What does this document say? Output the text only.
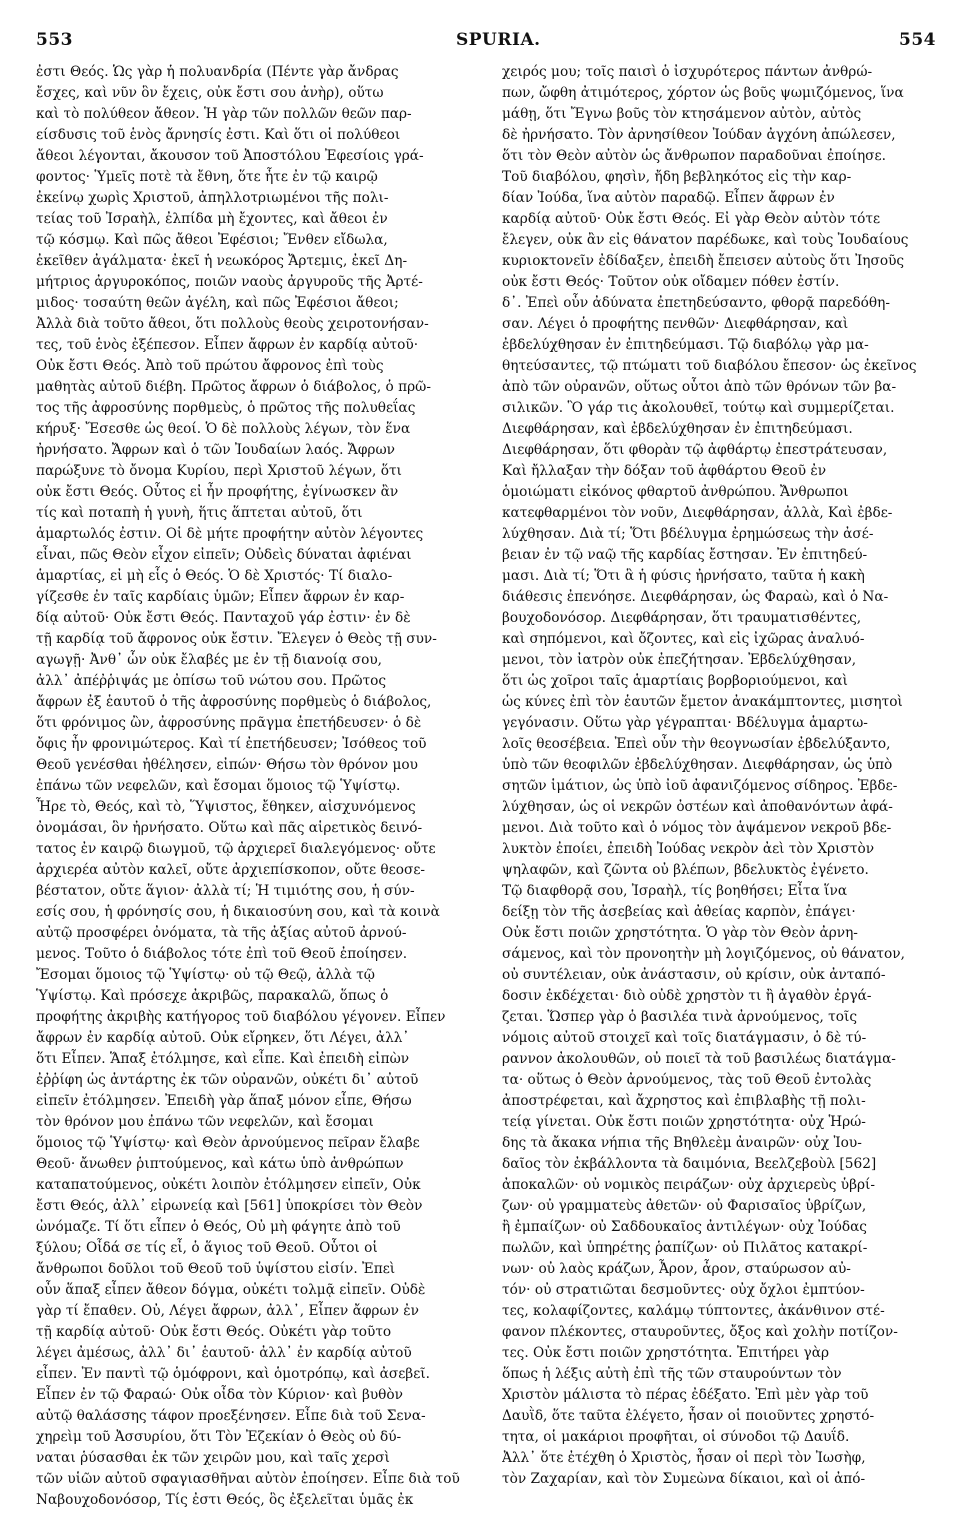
553	SPURIA.	554
ἐστι Θεός. Ὡς γὰρ ἡ πολυανδρία (Πέντε γὰρ ἄνδρας
ἔσχες, καὶ νῦν ὃν ἔχεις, οὐκ ἔστι σου ἀνὴρ), οὕτω
καὶ τὸ πολύθεον ἄθεον. Ἡ γὰρ τῶν πολλῶν θεῶν παρ-
είσδυσις τοῦ ἑνὸς ἄρνησίς ἐστι. Καὶ ὅτι οἱ πολύθεοι
ἄθεοι λέγονται, ἄκουσον τοῦ Ἀποστόλου Ἐφεσίοις γρά-
φοντος· Ὑμεῖς ποτὲ τὰ ἔθνη, ὅτε ἦτε ἐν τῷ καιρῷ
ἐκείνῳ χωρὶς Χριστοῦ, ἀπηλλοτριωμένοι τῆς πολι-
τείας τοῦ Ἰσραὴλ, ἐλπίδα μὴ ἔχοντες, καὶ ἄθεοι ἐν
τῷ κόσμῳ. Καὶ πῶς ἄθεοι Ἐφέσιοι; Ἔνθεν εἴδωλα,
ἐκεῖθεν ἀγάλματα· ἐκεῖ ἡ νεωκόρος Ἄρτεμις, ἐκεῖ Δη-
μήτριος ἀργυροκόπος, ποιῶν ναοὺς ἀργυροῦς τῆς Ἀρτέ-
μιδος· τοσαύτη θεῶν ἀγέλη, καὶ πῶς Ἐφέσιοι ἄθεοι;
Ἀλλὰ διὰ τοῦτο ἄθεοι, ὅτι πολλοὺς θεοὺς χειροτονήσαν-
τες, τοῦ ἑνὸς ἐξέπεσον. Εἶπεν ἄφρων ἐν καρδίᾳ αὐτοῦ·
Οὐκ ἔστι Θεός. Ἀπὸ τοῦ πρώτου ἄφρονος ἐπὶ τοὺς
μαθητὰς αὐτοῦ διέβη. Πρῶτος ἄφρων ὁ διάβολος, ὁ πρῶ-
τος τῆς ἀφροσύνης πορθμεὺς, ὁ πρῶτος τῆς πολυθεΐας
κήρυξ· Ἔσεσθε ὡς θεοί. Ὁ δὲ πολλοὺς λέγων, τὸν ἕνα
ἠρνήσατο. Ἄφρων καὶ ὁ τῶν Ἰουδαίων λαός. Ἄφρων
παρώξυνε τὸ ὄνομα Κυρίου, περὶ Χριστοῦ λέγων, ὅτι
οὐκ ἔστι Θεός. Οὗτος εἰ ἦν προφήτης, ἐγίνωσκεν ἂν
τίς καὶ ποταπὴ ἡ γυνὴ, ἥτις ἅπτεται αὐτοῦ, ὅτι
ἁμαρτωλός ἐστιν. Οἱ δὲ μήτε προφήτην αὐτὸν λέγοντες
εἶναι, πῶς Θεὸν εἶχον εἰπεῖν; Οὐδεὶς δύναται ἀφιέναι
ἁμαρτίας, εἰ μὴ εἷς ὁ Θεός. Ὁ δὲ Χριστός· Τί διαλο-
γίζεσθε ἐν ταῖς καρδίαις ὑμῶν; Εἶπεν ἄφρων ἐν καρ-
δίᾳ αὐτοῦ· Οὐκ ἔστι Θεός. Πανταχοῦ γάρ ἐστιν· ἐν δὲ
τῇ καρδίᾳ τοῦ ἄφρονος οὐκ ἔστιν. Ἔλεγεν ὁ Θεὸς τῇ συν-
αγωγῇ· Ἀνθ᾽ ὧν οὐκ ἔλαβές με ἐν τῇ διανοίᾳ σου,
ἀλλ᾽ ἀπέῤῥιψάς με ὀπίσω τοῦ νώτου σου. Πρῶτος
ἄφρων ἐξ ἑαυτοῦ ὁ τῆς ἀφροσύνης πορθμεὺς ὁ διάβολος,
ὅτι φρόνιμος ὢν, ἀφροσύνης πρᾶγμα ἐπετήδευσεν· ὁ δὲ
ὄφις ἦν φρονιμώτερος. Καὶ τί ἐπετήδευσεν; Ἰσόθεος τοῦ
Θεοῦ γενέσθαι ἠθέλησεν, εἰπών· Θήσω τὸν θρόνον μου
ἐπάνω τῶν νεφελῶν, καὶ ἔσομαι ὅμοιος τῷ Ὑψίστῳ.
Ἦρε τὸ, Θεός, καὶ τὸ, Ὕψιστος, ἔθηκεν, αἰσχυνόμενος
ὀνομάσαι, ὃν ἠρνήσατο. Οὕτω καὶ πᾶς αἱρετικὸς δεινό-
τατος ἐν καιρῷ διωγμοῦ, τῷ ἀρχιερεῖ διαλεγόμενος· οὔτε
ἀρχιερέα αὐτὸν καλεῖ, οὔτε ἀρχιεπίσκοπον, οὔτε θεοσε-
βέστατον, οὔτε ἅγιον· ἀλλὰ τί; Ἡ τιμιότης σου, ἡ σύν-
εσίς σου, ἡ φρόνησίς σου, ἡ δικαιοσύνη σου, καὶ τὰ κοινὰ
αὐτῷ προσφέρει ὀνόματα, τὰ τῆς ἀξίας αὐτοῦ ἀρνού-
μενος. Τοῦτο ὁ διάβολος τότε ἐπὶ τοῦ Θεοῦ ἐποίησεν.
Ἔσομαι ὅμοιος τῷ Ὑψίστῳ· οὐ τῷ Θεῷ, ἀλλὰ τῷ
Ὑψίστῳ. Καὶ πρόσεχε ἀκριβῶς, παρακαλῶ, ὅπως ὁ
προφήτης ἀκριβὴς κατήγορος τοῦ διαβόλου γέγονεν. Εἶπεν
ἄφρων ἐν καρδίᾳ αὐτοῦ. Οὐκ εἴρηκεν, ὅτι Λέγει, ἀλλ᾽
ὅτι Εἶπεν. Ἅπαξ ἐτόλμησε, καὶ εἶπε. Καὶ ἐπειδὴ εἰπὼν
ἐῤῥίφη ὡς ἀντάρτης ἐκ τῶν οὐρανῶν, οὐκέτι δι᾽ αὐτοῦ
εἰπεῖν ἐτόλμησεν. Ἐπειδὴ γὰρ ἅπαξ μόνον εἶπε, Θήσω
τὸν θρόνον μου ἐπάνω τῶν νεφελῶν, καὶ ἔσομαι
ὅμοιος τῷ Ὑψίστῳ· καὶ Θεὸν ἀρνούμενος πεῖραν ἔλαβε
Θεοῦ· ἄνωθεν ῥιπτούμενος, καὶ κάτω ὑπὸ ἀνθρώπων
καταπατούμενος, οὐκέτι λοιπὸν ἐτόλμησεν εἰπεῖν, Οὐκ
ἔστι Θεός, ἀλλ᾽ εἰρωνείᾳ καὶ [561] ὑποκρίσει τὸν Θεὸν
ὠνόμαζε. Τί ὅτι εἶπεν ὁ Θεός, Οὐ μὴ φάγητε ἀπὸ τοῦ
ξύλου; Οἶδά σε τίς εἶ, ὁ ἅγιος τοῦ Θεοῦ. Οὗτοι οἱ
ἄνθρωποι δοῦλοι τοῦ Θεοῦ τοῦ ὑψίστου εἰσίν. Ἐπεὶ
οὖν ἅπαξ εἶπεν ἄθεον δόγμα, οὐκέτι τολμᾷ εἰπεῖν. Οὐδὲ
γὰρ τί ἔπαθεν. Οὐ, Λέγει ἄφρων, ἀλλ᾽, Εἶπεν ἄφρων ἐν
τῇ καρδίᾳ αὐτοῦ· Οὐκ ἔστι Θεός. Οὐκέτι γὰρ τοῦτο
λέγει ἀμέσως, ἀλλ᾽ δι᾽ ἑαυτοῦ· ἀλλ᾽ ἐν καρδίᾳ αὐτοῦ
εἶπεν. Ἐν παντὶ τῷ ὁμόφρονι, καὶ ὁμοτρόπῳ, καὶ ἀσεβεῖ.
Εἶπεν ἐν τῷ Φαραώ· Οὐκ οἶδα τὸν Κύριον· καὶ βυθὸν
αὐτῷ θαλάσσης τάφον προεξένησεν. Εἶπε διὰ τοῦ Σενα-
χηρεὶμ τοῦ Ἀσσυρίου, ὅτι Τὸν Ἐζεκίαν ὁ Θεὸς οὐ δύ-
ναται ῥύσασθαι ἐκ τῶν χειρῶν μου, καὶ ταῖς χερσὶ
τῶν υἱῶν αὐτοῦ σφαγιασθῆναι αὐτὸν ἐποίησεν. Εἶπε διὰ τοῦ
Ναβουχοδονόσορ, Τίς ἐστι Θεός, ὃς ἐξελεῖται ὑμᾶς ἐκ
χειρός μου; τοῖς παισὶ ὁ ἰσχυρότερος πάντων ἀνθρώ-
πων, ὤφθη ἀτιμότερος, χόρτον ὡς βοῦς ψωμιζόμενος, ἵνα
μάθῃ, ὅτι Ἔγνω βοῦς τὸν κτησάμενον αὐτὸν, αὐτὸς
δὲ ἠρνήσατο. Τὸν ἀρνησίθεον Ἰούδαν ἀγχόνη ἀπώλεσεν,
ὅτι τὸν Θεὸν αὐτὸν ὡς ἄνθρωπον παραδοῦναι ἐποίησε.
Τοῦ διαβόλου, φησὶν, ἤδη βεβληκότος εἰς τὴν καρ-
δίαν Ἰούδα, ἵνα αὐτὸν παραδῷ. Εἶπεν ἄφρων ἐν
καρδίᾳ αὐτοῦ· Οὐκ ἔστι Θεός. Εἰ γὰρ Θεὸν αὐτὸν τότε
ἔλεγεν, οὐκ ἂν εἰς θάνατον παρέδωκε, καὶ τοὺς Ἰουδαίους
κυριοκτονεῖν ἐδίδαξεν, ἐπειδὴ ἔπεισεν αὐτοὺς ὅτι Ἰησοῦς
οὐκ ἔστι Θεός· Τοῦτον οὐκ οἴδαμεν πόθεν ἐστίν.
δ᾽. Ἐπεὶ οὖν ἀδύνατα ἐπετηδεύσαντο, φθορᾷ παρεδόθη-
σαν. Λέγει ὁ προφήτης πενθῶν· Διεφθάρησαν, καὶ
ἐβδελύχθησαν ἐν ἐπιτηδεύμασι. Τῷ διαβόλῳ γὰρ μα-
θητεύσαντες, τῷ πτώματι τοῦ διαβόλου ἔπεσον· ὡς ἐκεῖνος
ἀπὸ τῶν οὐρανῶν, οὕτως οὗτοι ἀπὸ τῶν θρόνων τῶν βα-
σιλικῶν. Ὃ γάρ τις ἀκολουθεῖ, τούτῳ καὶ συμμερίζεται.
Διεφθάρησαν, καὶ ἐβδελύχθησαν ἐν ἐπιτηδεύμασι.
Διεφθάρησαν, ὅτι φθορὰν τῷ ἀφθάρτῳ ἐπεστράτευσαν,
Καὶ ἤλλαξαν τὴν δόξαν τοῦ ἀφθάρτου Θεοῦ ἐν
ὁμοιώματι εἰκόνος φθαρτοῦ ἀνθρώπου. Ἄνθρωποι
κατεφθαρμένοι τὸν νοῦν, Διεφθάρησαν, ἀλλὰ, Καὶ ἐβδε-
λύχθησαν. Διὰ τί; Ὅτι βδέλυγμα ἐρημώσεως τὴν ἀσέ-
βειαν ἐν τῷ ναῷ τῆς καρδίας ἔστησαν. Ἐν ἐπιτηδεύ-
μασι. Διὰ τί; Ὅτι ἃ ἡ φύσις ἠρνήσατο, ταῦτα ἡ κακὴ
διάθεσις ἐπενόησε. Διεφθάρησαν, ὡς Φαραὼ, καὶ ὁ Να-
βουχοδονόσορ. Διεφθάρησαν, ὅτι τραυματισθέντες,
καὶ σηπόμενοι, καὶ ὄζοντες, καὶ εἰς ἰχῶρας ἀναλυό-
μενοι, τὸν ἰατρὸν οὐκ ἐπεζήτησαν. Ἐβδελύχθησαν,
ὅτι ὡς χοῖροι ταῖς ἁμαρτίαις βορβοριούμενοι, καὶ
ὡς κύνες ἐπὶ τὸν ἑαυτῶν ἔμετον ἀνακάμπτοντες, μισητοὶ
γεγόνασιν. Οὕτω γὰρ γέγραπται· Βδέλυγμα ἁμαρτω-
λοῖς θεοσέβεια. Ἐπεὶ οὖν τὴν θεογνωσίαν ἐβδελύξαντο,
ὑπὸ τῶν θεοφιλῶν ἐβδελύχθησαν. Διεφθάρησαν, ὡς ὑπὸ
σητῶν ἱμάτιον, ὡς ὑπὸ ἰοῦ ἀφανιζόμενος σίδηρος. Ἐβδε-
λύχθησαν, ὡς οἱ νεκρῶν ὀστέων καὶ ἀποθανόντων ἀφά-
μενοι. Διὰ τοῦτο καὶ ὁ νόμος τὸν ἁψάμενον νεκροῦ βδε-
λυκτὸν ἐποίει, ἐπειδὴ Ἰούδας νεκρὸν ἀεὶ τὸν Χριστὸν
ψηλαφῶν, καὶ ζῶντα οὐ βλέπων, βδελυκτὸς ἐγένετο.
Τῷ διαφθορᾷ σου, Ἰσραὴλ, τίς βοηθήσει; Εἶτα ἵνα
δείξῃ τὸν τῆς ἀσεβείας καὶ ἀθείας καρπὸν, ἐπάγει·
Οὐκ ἔστι ποιῶν χρηστότητα. Ὁ γὰρ τὸν Θεὸν ἀρνη-
σάμενος, καὶ τὸν προνοητὴν μὴ λογιζόμενος, οὐ θάνατον,
οὐ συντέλειαν, οὐκ ἀνάστασιν, οὐ κρίσιν, οὐκ ἀνταπό-
δοσιν ἐκδέχεται· διὸ οὐδὲ χρηστὸν τι ἢ ἀγαθὸν ἐργά-
ζεται. Ὥσπερ γὰρ ὁ βασιλέα τινὰ ἀρνούμενος, τοῖς
νόμοις αὐτοῦ στοιχεῖ καὶ τοῖς διατάγμασιν, ὁ δὲ τύ-
ραννον ἀκολουθῶν, οὐ ποιεῖ τὰ τοῦ βασιλέως διατάγμα-
τα· οὕτως ὁ Θεὸν ἀρνούμενος, τὰς τοῦ Θεοῦ ἐντολὰς
ἀποστρέφεται, καὶ ἄχρηστος καὶ ἐπιβλαβὴς τῇ πολι-
τείᾳ γίνεται. Οὐκ ἔστι ποιῶν χρηστότητα· οὐχ Ἡρώ-
δης τὰ ἄκακα νήπια τῆς Βηθλεὲμ ἀναιρῶν· οὐχ Ἰου-
δαῖος τὸν ἐκβάλλοντα τὰ δαιμόνια, Βεελζεβοὺλ [562]
ἀποκαλῶν· οὐ νομικὸς πειράζων· οὐχ ἀρχιερεὺς ὑβρί-
ζων· οὐ γραμματεὺς ἀθετῶν· οὐ Φαρισαῖος ὑβρίζων,
ἢ ἐμπαίζων· οὐ Σαδδουκαῖος ἀντιλέγων· οὐχ Ἰούδας
πωλῶν, καὶ ὑπηρέτης ῥαπίζων· οὐ Πιλᾶτος κατακρί-
νων· οὐ λαὸς κράζων, Ἆρον, ἆρον, σταύρωσον αὐ-
τόν· οὐ στρατιῶται δεσμοῦντες· οὐχ ὄχλοι ἐμπτύον-
τες, κολαφίζοντες, καλάμῳ τύπτοντες, ἀκάνθινον στέ-
φανον πλέκοντες, σταυροῦντες, ὄξος καὶ χολὴν ποτίζον-
τες. Οὐκ ἔστι ποιῶν χρηστότητα. Ἐπιτήρει γὰρ
ὅπως ἡ λέξις αὐτὴ ἐπὶ τῆς τῶν σταυρούντων τὸν
Χριστὸν μάλιστα τὸ πέρας ἐδέξατο. Ἐπὶ μὲν γὰρ τοῦ
Δαυῒδ, ὅτε ταῦτα ἐλέγετο, ἦσαν οἱ ποιοῦντες χρηστό-
τητα, οἱ μακάριοι προφῆται, οἱ σύνοδοι τῷ Δαυΐδ.
Ἀλλ᾽ ὅτε ἐτέχθη ὁ Χριστὸς, ἦσαν οἱ περὶ τὸν Ἰωσὴφ,
τὸν Ζαχαρίαν, καὶ τὸν Συμεὼνα δίκαιοι, καὶ οἱ ἀπό-
